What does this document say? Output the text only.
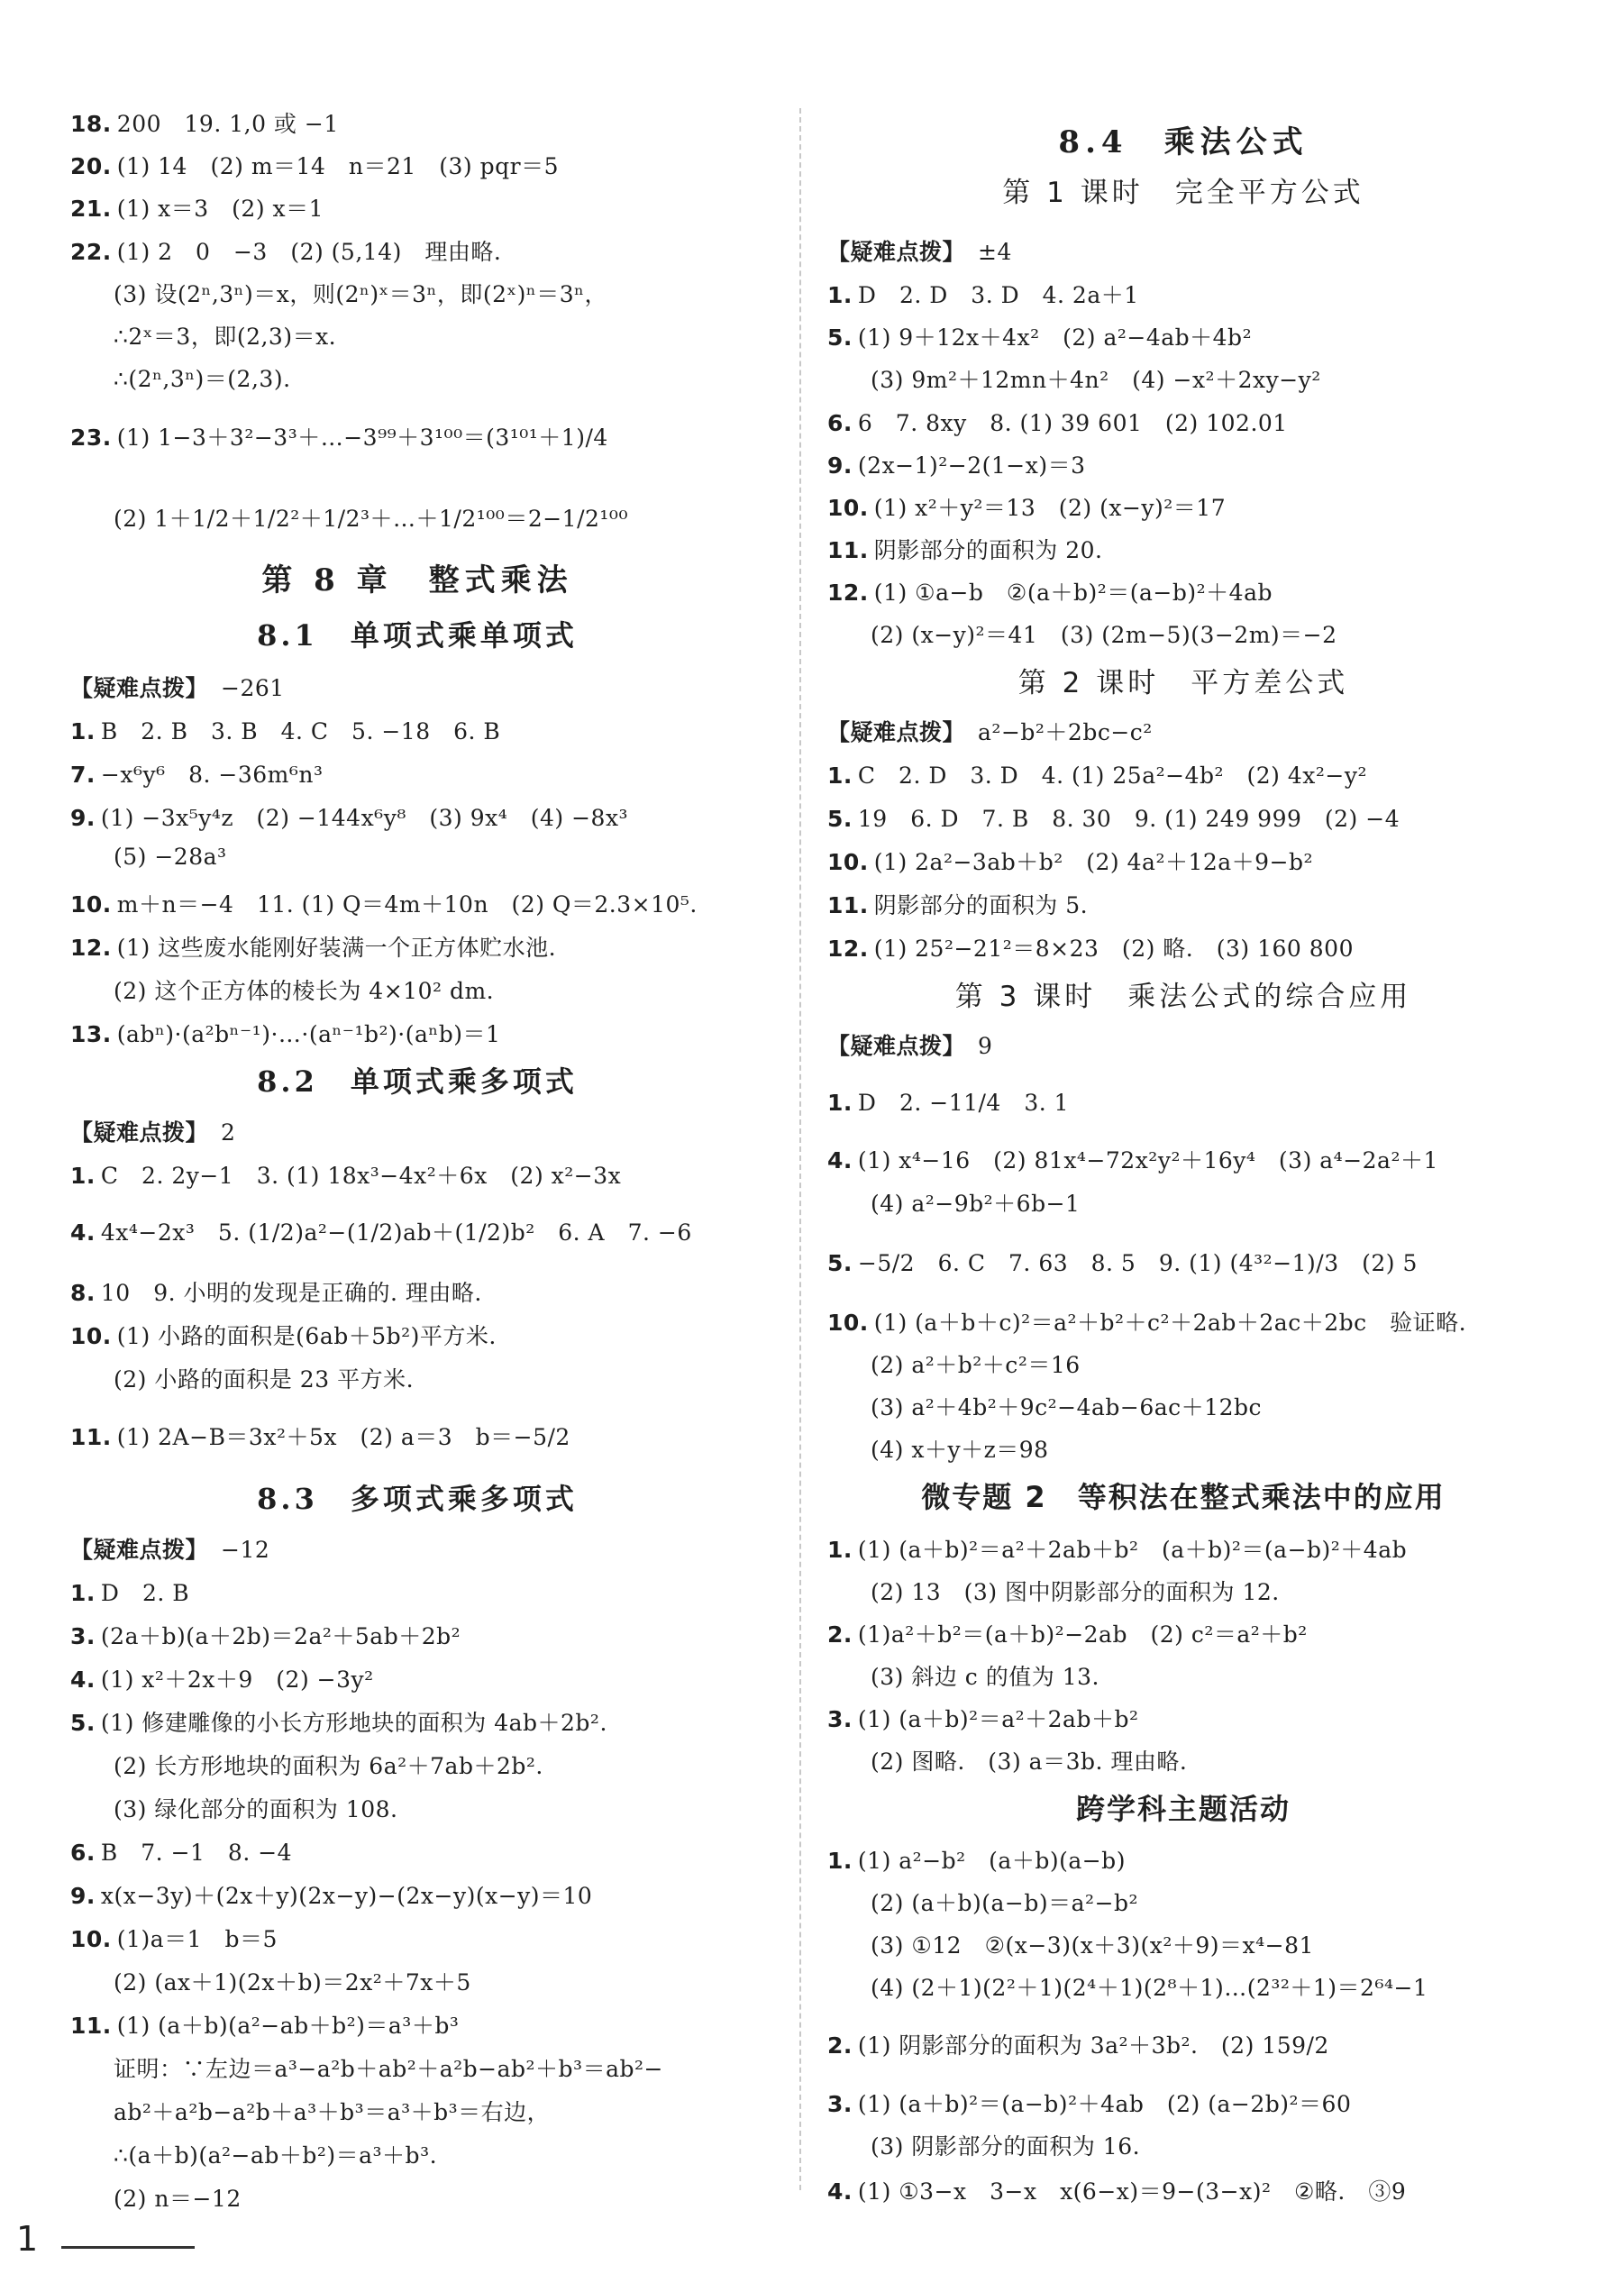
18. 200　19. 1,0 或 −1
20. (1) 14　(2) m＝14　n＝21　(3) pqr＝5
21. (1) x＝3　(2) x＝1
22. (1) 2　0　−3　(2) (5,14)　理由略.
(3) 设(2ⁿ,3ⁿ)＝x，则(2ⁿ)ˣ＝3ⁿ，即(2ˣ)ⁿ＝3ⁿ，
∴2ˣ＝3，即(2,3)＝x.
∴(2ⁿ,3ⁿ)＝(2,3).
23. (1) 1−3＋3²−3³＋…−3⁹⁹＋3¹⁰⁰＝(3¹⁰¹＋1)/4
(2) 1＋1/2＋1/2²＋1/2³＋…＋1/2¹⁰⁰＝2−1/2¹⁰⁰
第 8 章　整式乘法
8.1　单项式乘单项式
【疑难点拨】 −261
1. B　2. B　3. B　4. C　5. −18　6. B
7. −x⁶y⁶　8. −36m⁶n³
9. (1) −3x⁵y⁴z　(2) −144x⁶y⁸　(3) 9x⁴　(4) −8x³
(5) −28a³
10. m＋n＝−4　11. (1) Q＝4m＋10n　(2) Q＝2.3×10⁵.
12. (1) 这些废水能刚好装满一个正方体贮水池.
(2) 这个正方体的棱长为 4×10² dm.
13. (abⁿ)·(a²bⁿ⁻¹)·…·(aⁿ⁻¹b²)·(aⁿb)＝1
8.2　单项式乘多项式
【疑难点拨】 2
1. C　2. 2y−1　3. (1) 18x³−4x²＋6x　(2) x²−3x
4. 4x⁴−2x³　5. (1/2)a²−(1/2)ab＋(1/2)b²　6. A　7. −6
8. 10　9. 小明的发现是正确的. 理由略.
10. (1) 小路的面积是(6ab＋5b²)平方米.
(2) 小路的面积是 23 平方米.
11. (1) 2A−B＝3x²＋5x　(2) a＝3　b＝−5/2
8.3　多项式乘多项式
【疑难点拨】 −12
1. D　2. B
3. (2a＋b)(a＋2b)＝2a²＋5ab＋2b²
4. (1) x²＋2x＋9　(2) −3y²
5. (1) 修建雕像的小长方形地块的面积为 4ab＋2b².
(2) 长方形地块的面积为 6a²＋7ab＋2b².
(3) 绿化部分的面积为 108.
6. B　7. −1　8. −4
9. x(x−3y)＋(2x＋y)(2x−y)−(2x−y)(x−y)＝10
10. (1)a＝1　b＝5
(2) (ax＋1)(2x＋b)＝2x²＋7x＋5
11. (1) (a＋b)(a²−ab＋b²)＝a³＋b³
证明：∵左边＝a³−a²b＋ab²＋a²b−ab²＋b³＝ab²−
ab²＋a²b−a²b＋a³＋b³＝a³＋b³＝右边，
∴(a＋b)(a²−ab＋b²)＝a³＋b³.
(2) n＝−12
8.4　乘法公式
第 1 课时　完全平方公式
【疑难点拨】 ±4
1. D　2. D　3. D　4. 2a＋1
5. (1) 9＋12x＋4x²　(2) a²−4ab＋4b²
(3) 9m²＋12mn＋4n²　(4) −x²＋2xy−y²
6. 6　7. 8xy　8. (1) 39 601　(2) 102.01
9. (2x−1)²−2(1−x)＝3
10. (1) x²＋y²＝13　(2) (x−y)²＝17
11. 阴影部分的面积为 20.
12. (1) ①a−b　②(a＋b)²＝(a−b)²＋4ab
(2) (x−y)²＝41　(3) (2m−5)(3−2m)＝−2
第 2 课时　平方差公式
【疑难点拨】 a²−b²＋2bc−c²
1. C　2. D　3. D　4. (1) 25a²−4b²　(2) 4x²−y²
5. 19　6. D　7. B　8. 30　9. (1) 249 999　(2) −4
10. (1) 2a²−3ab＋b²　(2) 4a²＋12a＋9−b²
11. 阴影部分的面积为 5.
12. (1) 25²−21²＝8×23　(2) 略.　(3) 160 800
第 3 课时　乘法公式的综合应用
【疑难点拨】 9
1. D　2. −11/4　3. 1
4. (1) x⁴−16　(2) 81x⁴−72x²y²＋16y⁴　(3) a⁴−2a²＋1
(4) a²−9b²＋6b−1
5. −5/2　6. C　7. 63　8. 5　9. (1) (4³²−1)/3　(2) 5
10. (1) (a＋b＋c)²＝a²＋b²＋c²＋2ab＋2ac＋2bc　验证略.
(2) a²＋b²＋c²＝16
(3) a²＋4b²＋9c²−4ab−6ac＋12bc
(4) x＋y＋z＝98
微专题 2　等积法在整式乘法中的应用
1. (1) (a＋b)²＝a²＋2ab＋b²　(a＋b)²＝(a−b)²＋4ab
(2) 13　(3) 图中阴影部分的面积为 12.
2. (1)a²＋b²＝(a＋b)²−2ab　(2) c²＝a²＋b²
(3) 斜边 c 的值为 13.
3. (1) (a＋b)²＝a²＋2ab＋b²
(2) 图略.　(3) a＝3b. 理由略.
跨学科主题活动
1. (1) a²−b²　(a＋b)(a−b)
(2) (a＋b)(a−b)＝a²−b²
(3) ①12　②(x−3)(x＋3)(x²＋9)＝x⁴−81
(4) (2＋1)(2²＋1)(2⁴＋1)(2⁸＋1)…(2³²＋1)＝2⁶⁴−1
2. (1) 阴影部分的面积为 3a²＋3b².　(2) 159/2
3. (1) (a＋b)²＝(a−b)²＋4ab　(2) (a−2b)²＝60
(3) 阴影部分的面积为 16.
4. (1) ①3−x　3−x　x(6−x)＝9−(3−x)²　②略.　③9
1
